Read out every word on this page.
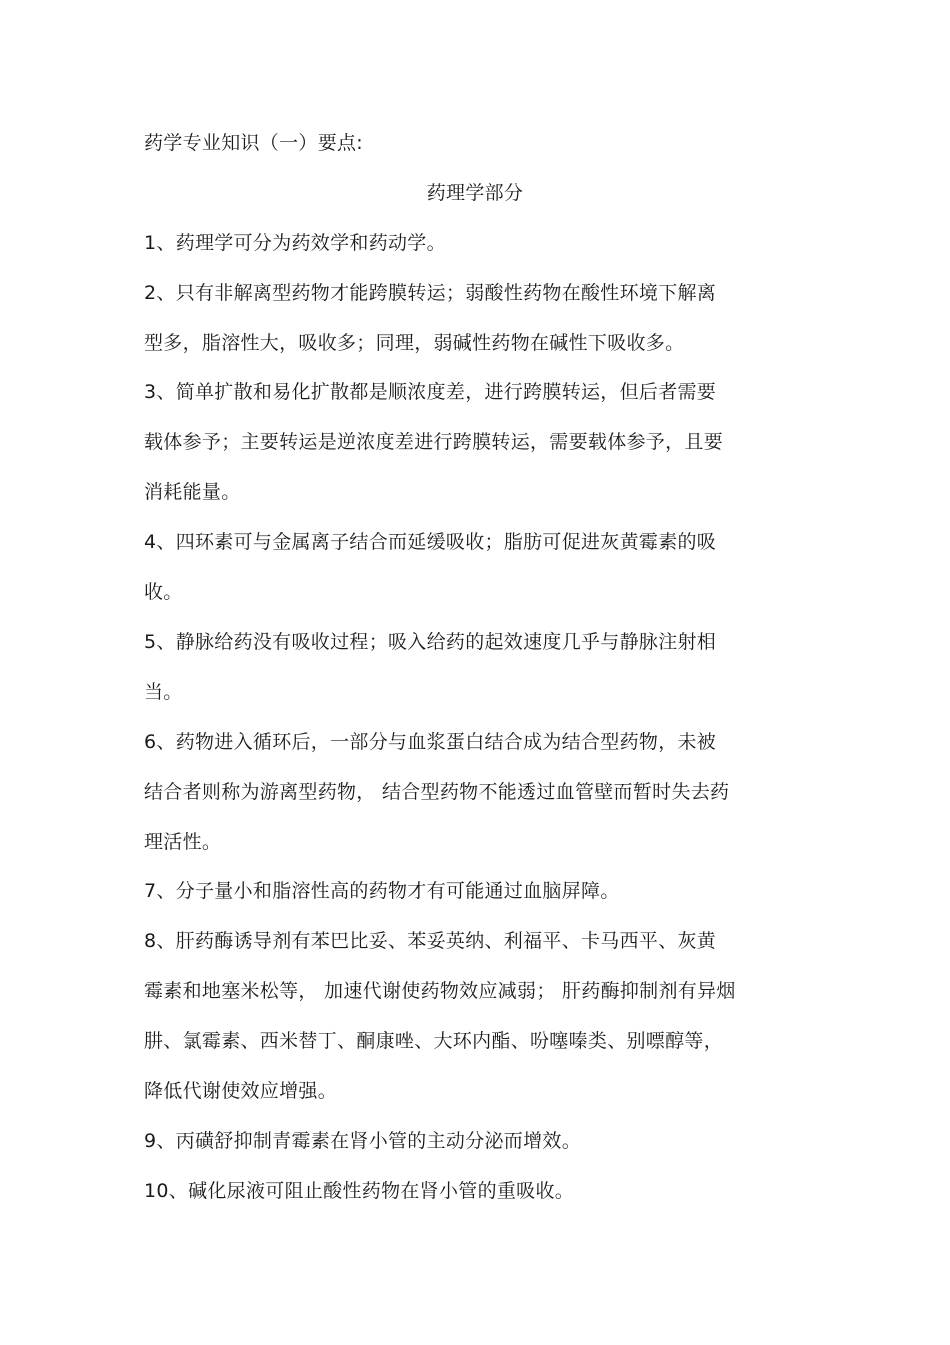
药学专业知识（一）要点:
药理学部分
1、药理学可分为药效学和药动学。
2、只有非解离型药物才能跨膜转运；弱酸性药物在酸性环境下解离
型多，脂溶性大，吸收多；同理，弱碱性药物在碱性下吸收多。
3、简单扩散和易化扩散都是顺浓度差，进行跨膜转运，但后者需要
载体参予；主要转运是逆浓度差进行跨膜转运，需要载体参予，且要
消耗能量。
4、四环素可与金属离子结合而延缓吸收；脂肪可促进灰黄霉素的吸
收。
5、静脉给药没有吸收过程；吸入给药的起效速度几乎与静脉注射相
当。
6、药物进入循环后，一部分与血浆蛋白结合成为结合型药物，未被
结合者则称为游离型药物， 结合型药物不能透过血管壁而暂时失去药
理活性。
7、分子量小和脂溶性高的药物才有可能通过血脑屏障。
8、肝药酶诱导剂有苯巴比妥、苯妥英纳、利福平、卡马西平、灰黄
霉素和地塞米松等， 加速代谢使药物效应减弱； 肝药酶抑制剂有异烟
肼、氯霉素、西米替丁、酮康唑、大环内酯、吩噻嗪类、别嘌醇等，
降低代谢使效应增强。
9、丙磺舒抑制青霉素在肾小管的主动分泌而增效。
10、碱化尿液可阻止酸性药物在肾小管的重吸收。
